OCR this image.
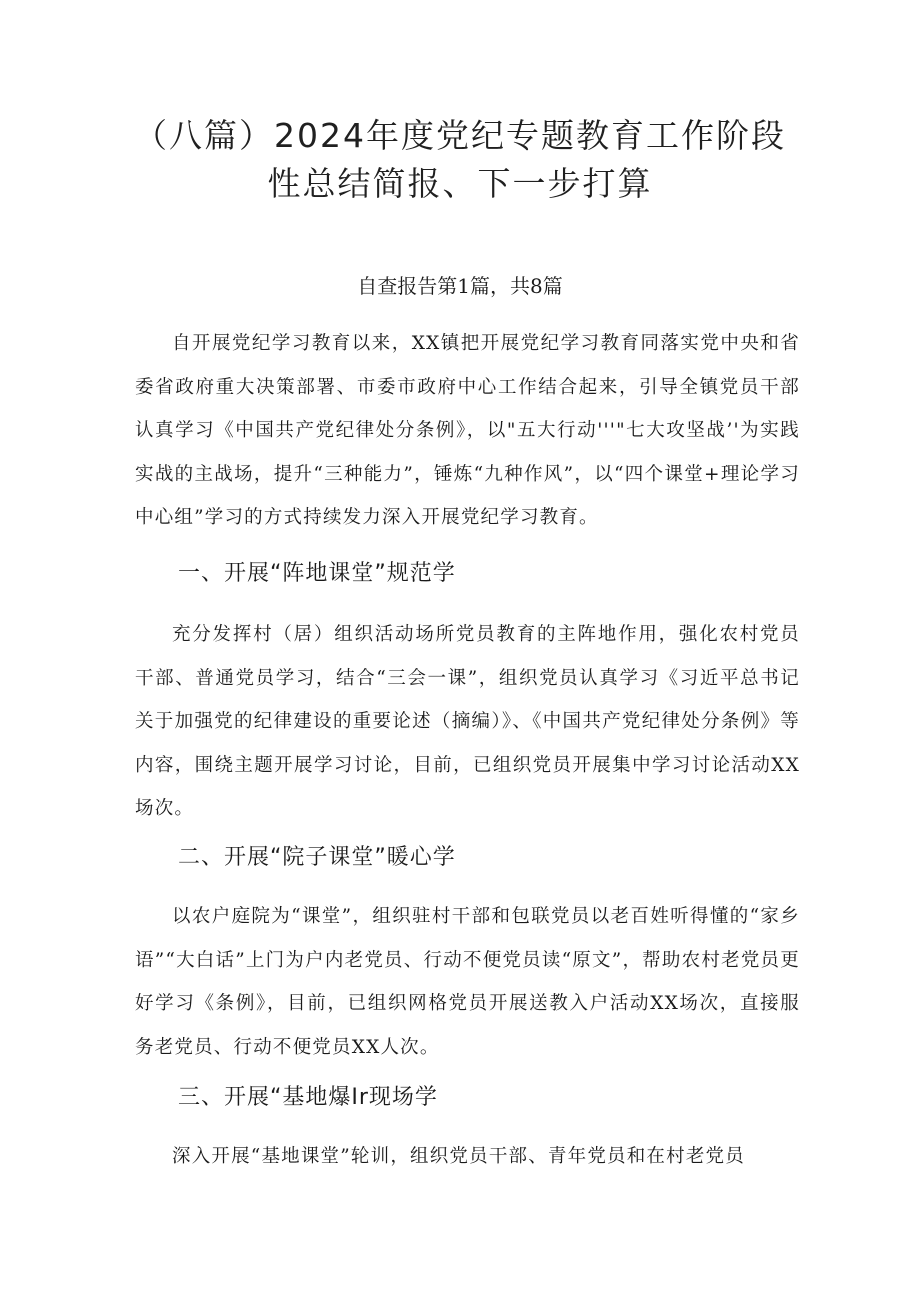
（八篇）2024年度党纪专题教育工作阶段
性总结简报、下一步打算
自查报告第1篇，共8篇
自开展党纪学习教育以来，XX镇把开展党纪学习教育同落实党中央和省委省政府重大决策部署、市委市政府中心工作结合起来，引导全镇党员干部认真学习《中国共产党纪律处分条例》，以"五大行动'''"七大攻坚战’'为实践实战的主战场，提升“三种能力”，锤炼“九种作风”，以“四个课堂+理论学习中心组”学习的方式持续发力深入开展党纪学习教育。
一、开展“阵地课堂”规范学
充分发挥村（居）组织活动场所党员教育的主阵地作用，强化农村党员干部、普通党员学习，结合“三会一课”，组织党员认真学习《习近平总书记关于加强党的纪律建设的重要论述（摘编）》、《中国共产党纪律处分条例》等内容，围绕主题开展学习讨论，目前，已组织党员开展集中学习讨论活动XX场次。
二、开展“院子课堂”暖心学
以农户庭院为“课堂”，组织驻村干部和包联党员以老百姓听得懂的“家乡语”“大白话”上门为户内老党员、行动不便党员读“原文”，帮助农村老党员更好学习《条例》，目前，已组织网格党员开展送教入户活动XX场次，直接服务老党员、行动不便党员XX人次。
三、开展“基地爆Ir现场学
深入开展“基地课堂”轮训，组织党员干部、青年党员和在村老党员
